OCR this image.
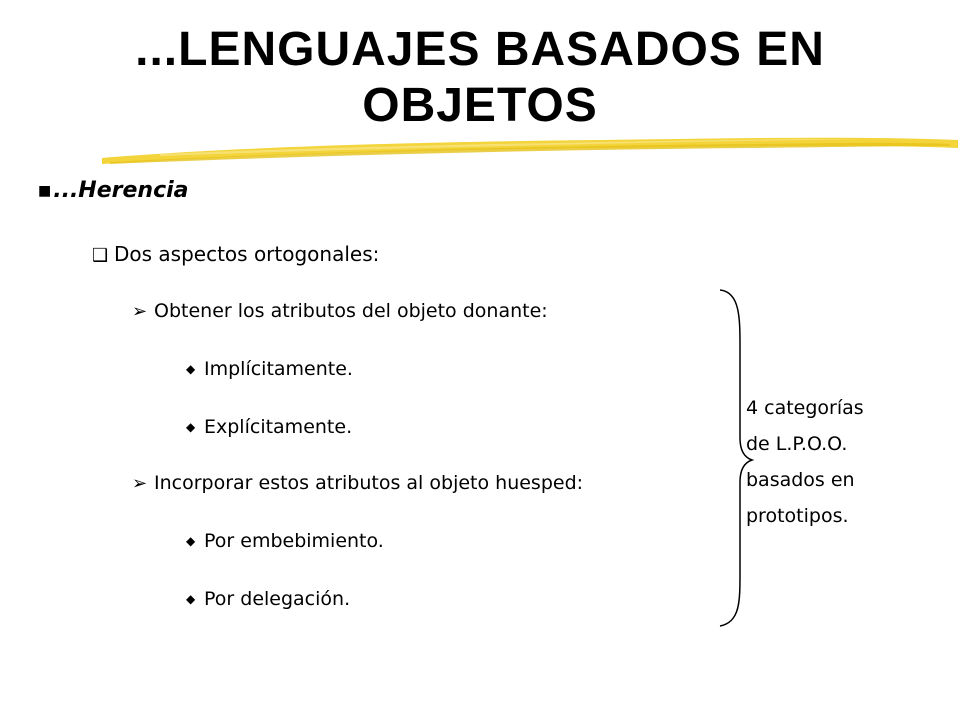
...LENGUAJES BASADOS EN
OBJETOS
■...Herencia
❑ Dos aspectos ortogonales:
➢ Obtener los atributos del objeto donante:
◆ Implícitamente.
◆ Explícitamente.
➢ Incorporar estos atributos al objeto huesped:
◆ Por embebimiento.
◆ Por delegación.
4 categorías
de L.P.O.O.
basados en
prototipos.
